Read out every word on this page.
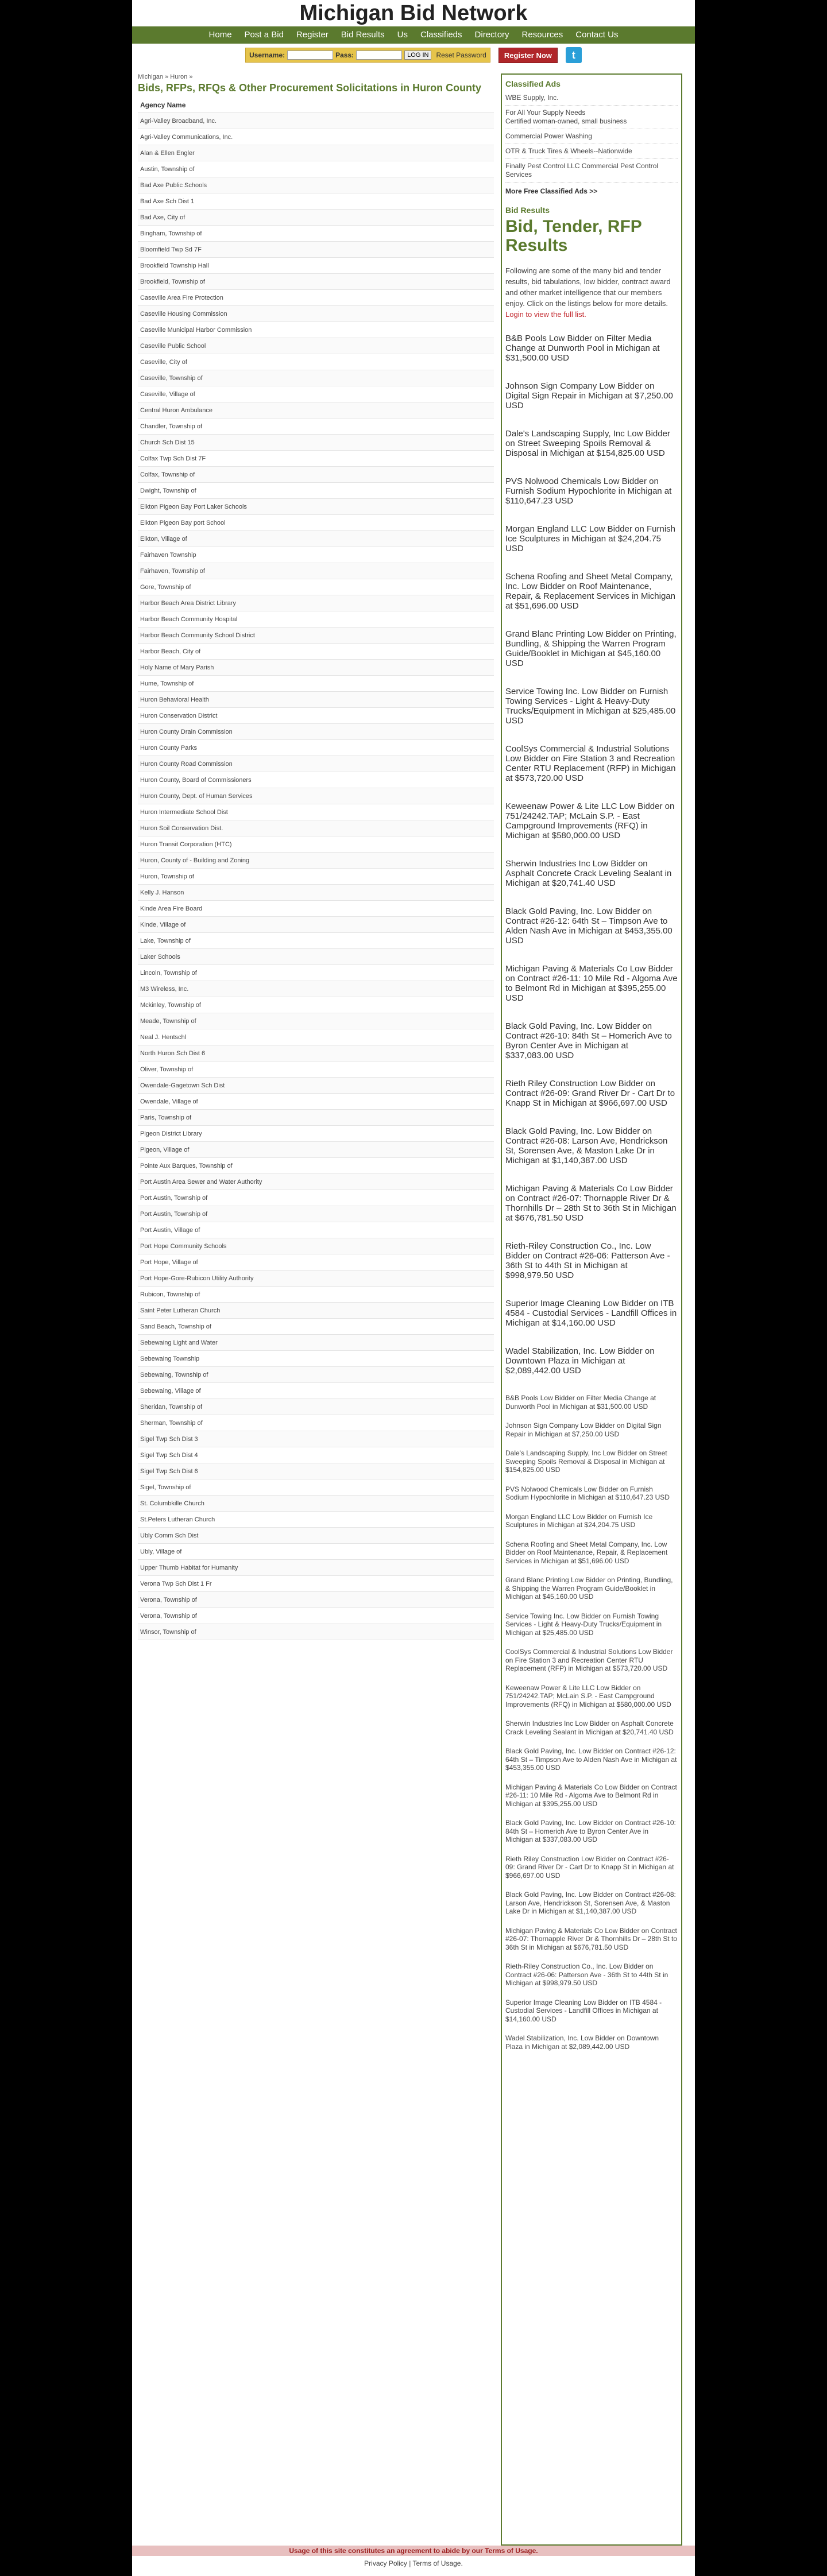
Michigan Bid Network
Home	Post a Bid	Register	Bid Results	Us	Classifieds	Directory	Resources	Contact Us
Username:	Pass:	LOG IN	Reset Password	Register Now	t
Michigan » Huron »
Bids, RFPs, RFQs & Other Procurement Solicitations in Huron County
Agency Name
Agri-Valley Broadband, Inc.
Agri-Valley Communications, Inc.
Alan & Ellen Engler
Austin, Township of
Bad Axe Public Schools
Bad Axe Sch Dist 1
Bad Axe, City of
Bingham, Township of
Bloomfield Twp Sd 7F
Brookfield Township Hall
Brookfield, Township of
Caseville Area Fire Protection
Caseville Housing Commission
Caseville Municipal Harbor Commission
Caseville Public School
Caseville, City of
Caseville, Township of
Caseville, Village of
Central Huron Ambulance
Chandler, Township of
Church Sch Dist 15
Colfax Twp Sch Dist 7F
Colfax, Township of
Dwight, Township of
Elkton Pigeon Bay Port Laker Schools
Elkton Pigeon Bay port School
Elkton, Village of
Fairhaven Township
Fairhaven, Township of
Gore, Township of
Harbor Beach Area District Library
Harbor Beach Community Hospital
Harbor Beach Community School District
Harbor Beach, City of
Holy Name of Mary Parish
Hume, Township of
Huron Behavioral Health
Huron Conservation District
Huron County Drain Commission
Huron County Parks
Huron County Road Commission
Huron County, Board of Commissioners
Huron County, Dept. of Human Services
Huron Intermediate School Dist
Huron Soil Conservation Dist.
Huron Transit Corporation (HTC)
Huron, County of - Building and Zoning
Huron, Township of
Kelly J. Hanson
Kinde Area Fire Board
Kinde, Village of
Lake, Township of
Laker Schools
Lincoln, Township of
M3 Wireless, Inc.
Mckinley, Township of
Meade, Township of
Neal J. Hentschl
North Huron Sch Dist 6
Oliver, Township of
Owendale-Gagetown Sch Dist
Owendale, Village of
Paris, Township of
Pigeon District Library
Pigeon, Village of
Pointe Aux Barques, Township of
Port Austin Area Sewer and Water Authority
Port Austin, Township of
Port Austin, Township of
Port Austin, Village of
Port Hope Community Schools
Port Hope, Village of
Port Hope-Gore-Rubicon Utility Authority
Rubicon, Township of
Saint Peter Lutheran Church
Sand Beach, Township of
Sebewaing Light and Water
Sebewaing Township
Sebewaing, Township of
Sebewaing, Village of
Sheridan, Township of
Sherman, Township of
Sigel Twp Sch Dist 3
Sigel Twp Sch Dist 4
Sigel Twp Sch Dist 6
Sigel, Township of
St. Columbkille Church
St.Peters Lutheran Church
Ubly Comm Sch Dist
Ubly, Village of
Upper Thumb Habitat for Humanity
Verona Twp Sch Dist 1 Fr
Verona, Township of
Verona, Township of
Winsor, Township of
Classified Ads
WBE Supply, Inc.
For All Your Supply Needs
Certified woman-owned, small business
Commercial Power Washing
OTR & Truck Tires & Wheels--Nationwide
Finally Pest Control LLC Commercial Pest Control Services
More Free Classified Ads >>
Bid Results
Bid, Tender, RFP Results
Following are some of the many bid and tender results, bid tabulations, low bidder, contract award and other market intelligence that our members enjoy. Click on the listings below for more details. Login to view the full list.
B&B Pools Low Bidder on Filter Media Change at Dunworth Pool in Michigan at $31,500.00 USD
Johnson Sign Company Low Bidder on Digital Sign Repair in Michigan at $7,250.00 USD
Dale's Landscaping Supply, Inc Low Bidder on Street Sweeping Spoils Removal & Disposal in Michigan at $154,825.00 USD
PVS Nolwood Chemicals Low Bidder on Furnish Sodium Hypochlorite in Michigan at $110,647.23 USD
Morgan England LLC Low Bidder on Furnish Ice Sculptures in Michigan at $24,204.75 USD
Schena Roofing and Sheet Metal Company, Inc. Low Bidder on Roof Maintenance, Repair, & Replacement Services in Michigan at $51,696.00 USD
Grand Blanc Printing Low Bidder on Printing, Bundling, & Shipping the Warren Program Guide/Booklet in Michigan at $45,160.00 USD
Service Towing Inc. Low Bidder on Furnish Towing Services - Light & Heavy-Duty Trucks/Equipment in Michigan at $25,485.00 USD
CoolSys Commercial & Industrial Solutions Low Bidder on Fire Station 3 and Recreation Center RTU Replacement (RFP) in Michigan at $573,720.00 USD
Keweenaw Power & Lite LLC Low Bidder on 751/24242.TAP; McLain S.P. - East Campground Improvements (RFQ) in Michigan at $580,000.00 USD
Sherwin Industries Inc Low Bidder on Asphalt Concrete Crack Leveling Sealant in Michigan at $20,741.40 USD
Black Gold Paving, Inc. Low Bidder on Contract #26-12: 64th St – Timpson Ave to Alden Nash Ave in Michigan at $453,355.00 USD
Michigan Paving & Materials Co Low Bidder on Contract #26-11: 10 Mile Rd - Algoma Ave to Belmont Rd in Michigan at $395,255.00 USD
Black Gold Paving, Inc. Low Bidder on Contract #26-10: 84th St – Homerich Ave to Byron Center Ave in Michigan at $337,083.00 USD
Rieth Riley Construction Low Bidder on Contract #26-09: Grand River Dr - Cart Dr to Knapp St in Michigan at $966,697.00 USD
Black Gold Paving, Inc. Low Bidder on Contract #26-08: Larson Ave, Hendrickson St, Sorensen Ave, & Maston Lake Dr in Michigan at $1,140,387.00 USD
Michigan Paving & Materials Co Low Bidder on Contract #26-07: Thornapple River Dr & Thornhills Dr – 28th St to 36th St in Michigan at $676,781.50 USD
Rieth-Riley Construction Co., Inc. Low Bidder on Contract #26-06: Patterson Ave - 36th St to 44th St in Michigan at $998,979.50 USD
Superior Image Cleaning Low Bidder on ITB 4584 - Custodial Services - Landfill Offices in Michigan at $14,160.00 USD
Wadel Stabilization, Inc. Low Bidder on Downtown Plaza in Michigan at $2,089,442.00 USD
B&B Pools Low Bidder on Filter Media Change at Dunworth Pool in Michigan at $31,500.00 USD
Johnson Sign Company Low Bidder on Digital Sign Repair in Michigan at $7,250.00 USD
Dale's Landscaping Supply, Inc Low Bidder on Street Sweeping Spoils Removal & Disposal in Michigan at $154,825.00 USD
PVS Nolwood Chemicals Low Bidder on Furnish Sodium Hypochlorite in Michigan at $110,647.23 USD
Morgan England LLC Low Bidder on Furnish Ice Sculptures in Michigan at $24,204.75 USD
Schena Roofing and Sheet Metal Company, Inc. Low Bidder on Roof Maintenance, Repair, & Replacement Services in Michigan at $51,696.00 USD
Grand Blanc Printing Low Bidder on Printing, Bundling, & Shipping the Warren Program Guide/Booklet in Michigan at $45,160.00 USD
Service Towing Inc. Low Bidder on Furnish Towing Services - Light & Heavy-Duty Trucks/Equipment in Michigan at $25,485.00 USD
CoolSys Commercial & Industrial Solutions Low Bidder on Fire Station 3 and Recreation Center RTU Replacement (RFP) in Michigan at $573,720.00 USD
Keweenaw Power & Lite LLC Low Bidder on 751/24242.TAP; McLain S.P. - East Campground Improvements (RFQ) in Michigan at $580,000.00 USD
Sherwin Industries Inc Low Bidder on Asphalt Concrete Crack Leveling Sealant in Michigan at $20,741.40 USD
Black Gold Paving, Inc. Low Bidder on Contract #26-12: 64th St – Timpson Ave to Alden Nash Ave in Michigan at $453,355.00 USD
Michigan Paving & Materials Co Low Bidder on Contract #26-11: 10 Mile Rd - Algoma Ave to Belmont Rd in Michigan at $395,255.00 USD
Black Gold Paving, Inc. Low Bidder on Contract #26-10: 84th St – Homerich Ave to Byron Center Ave in Michigan at $337,083.00 USD
Rieth Riley Construction Low Bidder on Contract #26-09: Grand River Dr - Cart Dr to Knapp St in Michigan at $966,697.00 USD
Black Gold Paving, Inc. Low Bidder on Contract #26-08: Larson Ave, Hendrickson St, Sorensen Ave, & Maston Lake Dr in Michigan at $1,140,387.00 USD
Michigan Paving & Materials Co Low Bidder on Contract #26-07: Thornapple River Dr & Thornhills Dr – 28th St to 36th St in Michigan at $676,781.50 USD
Rieth-Riley Construction Co., Inc. Low Bidder on Contract #26-06: Patterson Ave - 36th St to 44th St in Michigan at $998,979.50 USD
Superior Image Cleaning Low Bidder on ITB 4584 - Custodial Services - Landfill Offices in Michigan at $14,160.00 USD
Wadel Stabilization, Inc. Low Bidder on Downtown Plaza in Michigan at $2,089,442.00 USD
Usage of this site constitutes an agreement to abide by our Terms of Usage.
Privacy Policy | Terms of Usage.
